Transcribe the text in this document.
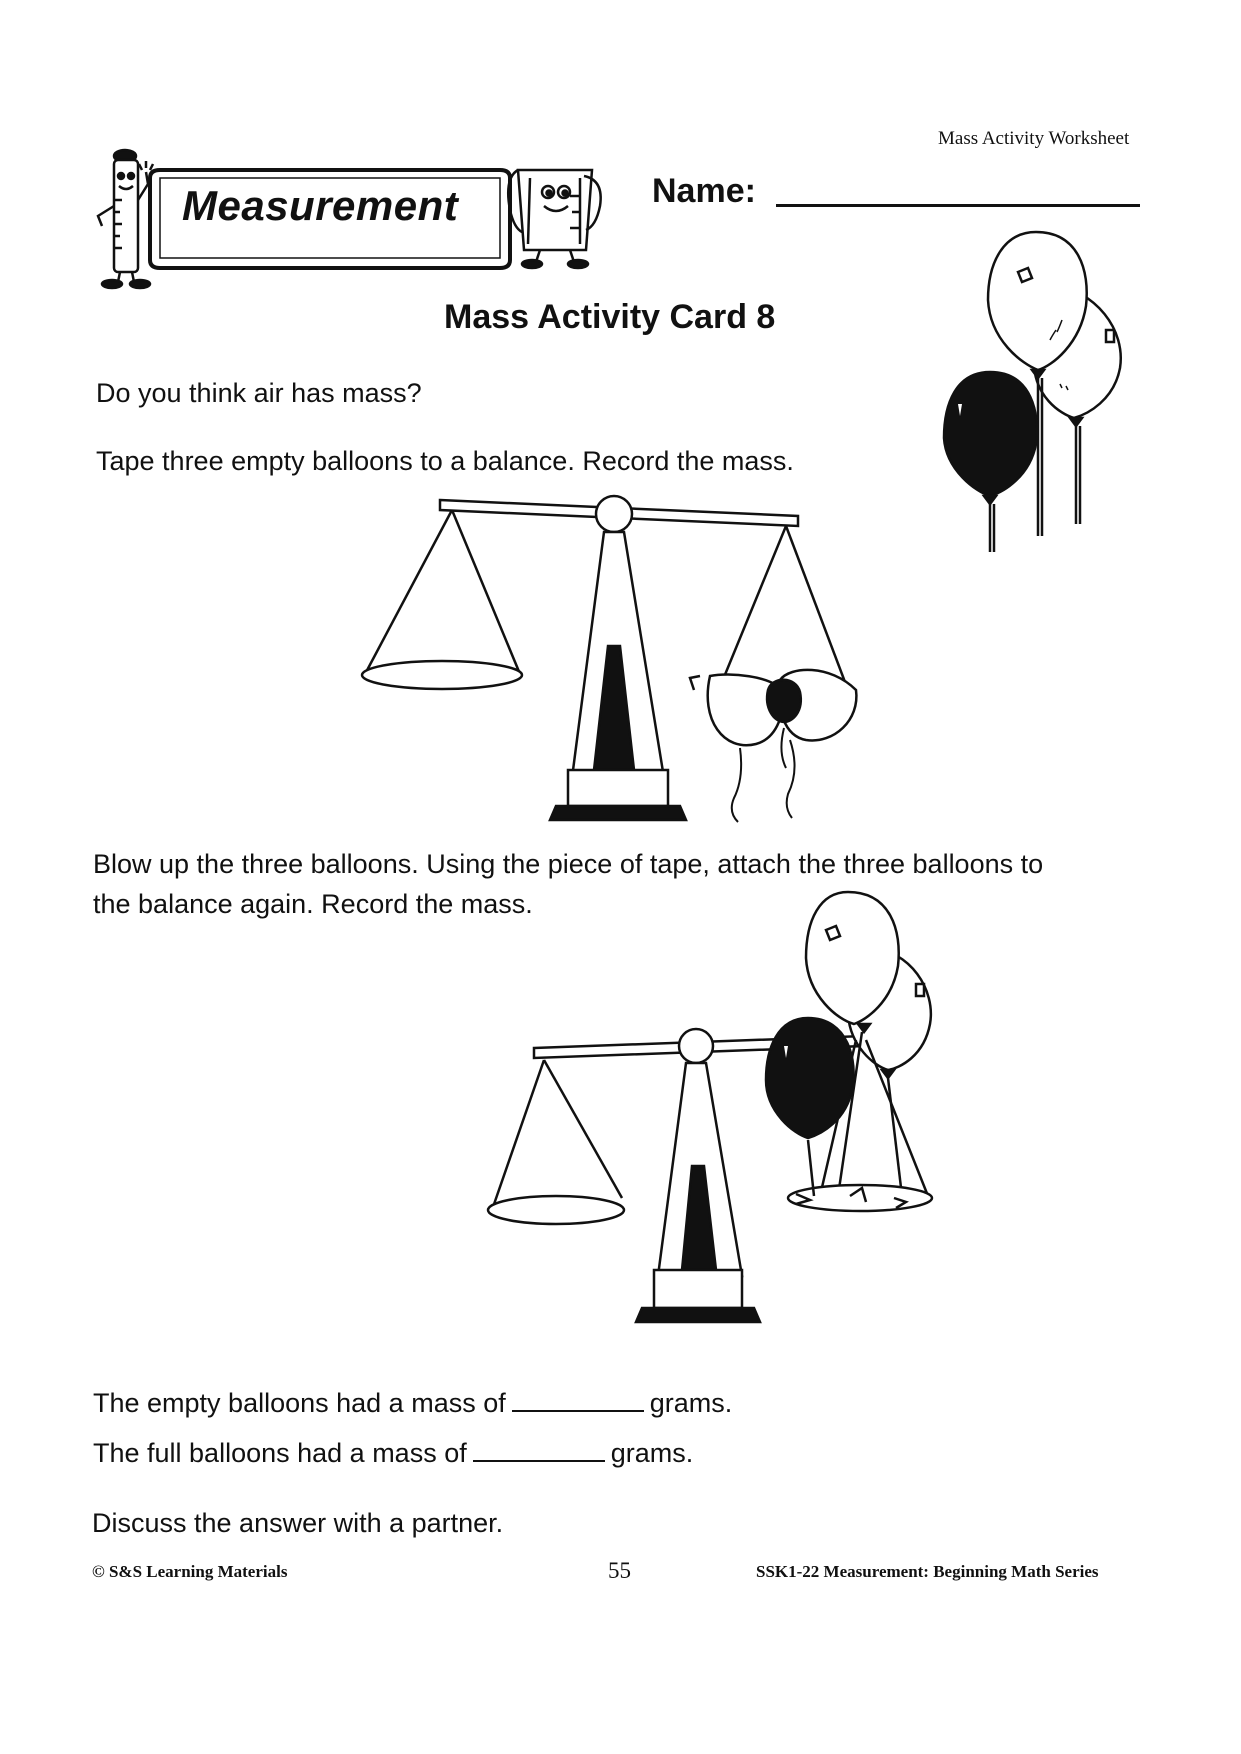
Mass Activity Worksheet
Measurement	Name:
Mass Activity Card 8
Do you think air has mass?
Tape three empty balloons to a balance. Record the mass.
Blow up the three balloons. Using the piece of tape, attach the three balloons to the balance again. Record the mass.
The empty balloons had a mass of	grams.
The full balloons had a mass of	grams.
Discuss the answer with a partner.
© S&S Learning Materials	55	SSK1-22 Measurement: Beginning Math Series
